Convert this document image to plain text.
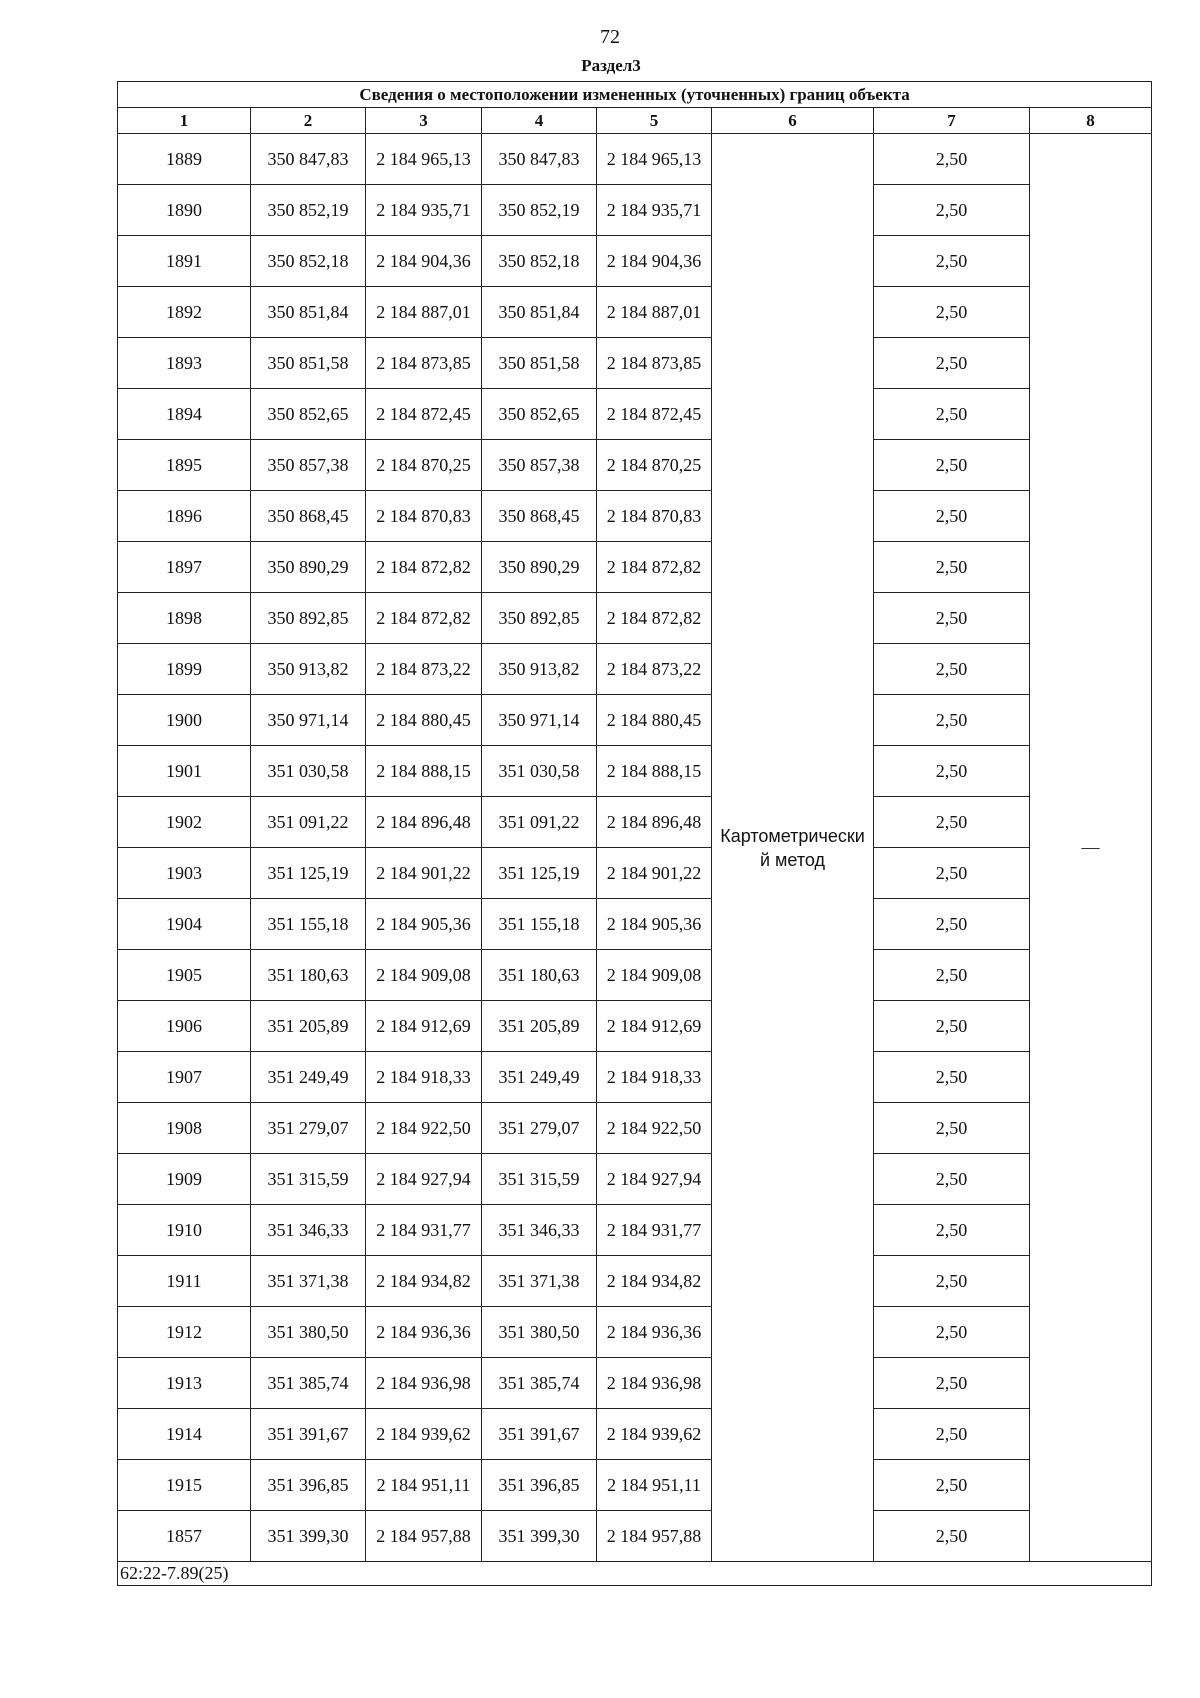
72
Раздел3
Сведения о местоположении измененных (уточненных) границ объекта							
1	2	3	4	5	6	7	8
1889	350 847,83	2 184 965,13	350 847,83	2 184 965,13	Картометрически й метод	2,50	—
1890	350 852,19	2 184 935,71	350 852,19	2 184 935,71		2,50	
1891	350 852,18	2 184 904,36	350 852,18	2 184 904,36		2,50	
1892	350 851,84	2 184 887,01	350 851,84	2 184 887,01		2,50	
1893	350 851,58	2 184 873,85	350 851,58	2 184 873,85		2,50	
1894	350 852,65	2 184 872,45	350 852,65	2 184 872,45		2,50	
1895	350 857,38	2 184 870,25	350 857,38	2 184 870,25		2,50	
1896	350 868,45	2 184 870,83	350 868,45	2 184 870,83		2,50	
1897	350 890,29	2 184 872,82	350 890,29	2 184 872,82		2,50	
1898	350 892,85	2 184 872,82	350 892,85	2 184 872,82		2,50	
1899	350 913,82	2 184 873,22	350 913,82	2 184 873,22		2,50	
1900	350 971,14	2 184 880,45	350 971,14	2 184 880,45		2,50	
1901	351 030,58	2 184 888,15	351 030,58	2 184 888,15		2,50	
1902	351 091,22	2 184 896,48	351 091,22	2 184 896,48		2,50	
1903	351 125,19	2 184 901,22	351 125,19	2 184 901,22		2,50	
1904	351 155,18	2 184 905,36	351 155,18	2 184 905,36		2,50	
1905	351 180,63	2 184 909,08	351 180,63	2 184 909,08		2,50	
1906	351 205,89	2 184 912,69	351 205,89	2 184 912,69		2,50	
1907	351 249,49	2 184 918,33	351 249,49	2 184 918,33		2,50	
1908	351 279,07	2 184 922,50	351 279,07	2 184 922,50		2,50	
1909	351 315,59	2 184 927,94	351 315,59	2 184 927,94		2,50	
1910	351 346,33	2 184 931,77	351 346,33	2 184 931,77		2,50	
1911	351 371,38	2 184 934,82	351 371,38	2 184 934,82		2,50	
1912	351 380,50	2 184 936,36	351 380,50	2 184 936,36		2,50	
1913	351 385,74	2 184 936,98	351 385,74	2 184 936,98		2,50	
1914	351 391,67	2 184 939,62	351 391,67	2 184 939,62		2,50	
1915	351 396,85	2 184 951,11	351 396,85	2 184 951,11		2,50	
1857	351 399,30	2 184 957,88	351 399,30	2 184 957,88		2,50	
62:22-7.89(25)							
